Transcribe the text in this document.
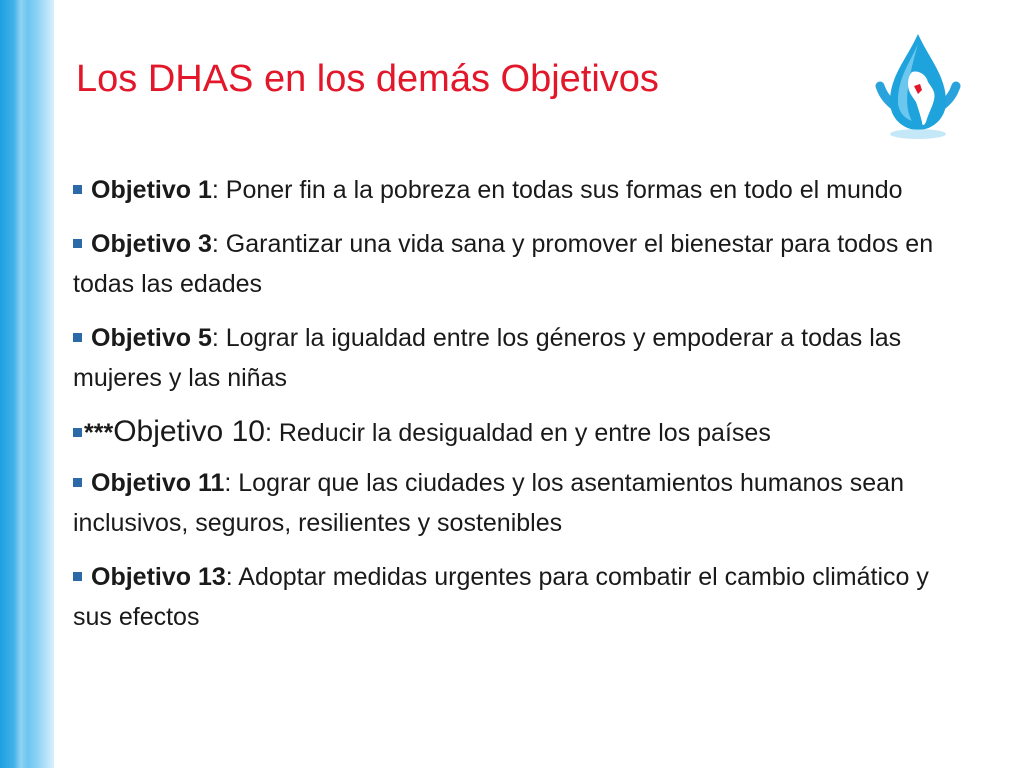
Los DHAS en los demás Objetivos
Objetivo 1: Poner fin a la pobreza en todas sus formas en todo el mundo
Objetivo 3: Garantizar una vida sana y promover el bienestar para todos en todas las edades
Objetivo 5: Lograr la igualdad entre los géneros y empoderar a todas las mujeres y las niñas
***Objetivo 10: Reducir la desigualdad en y entre los países
Objetivo 11: Lograr que las ciudades y los asentamientos humanos sean inclusivos, seguros, resilientes y sostenibles
Objetivo 13: Adoptar medidas urgentes para combatir el cambio climático y sus efectos
